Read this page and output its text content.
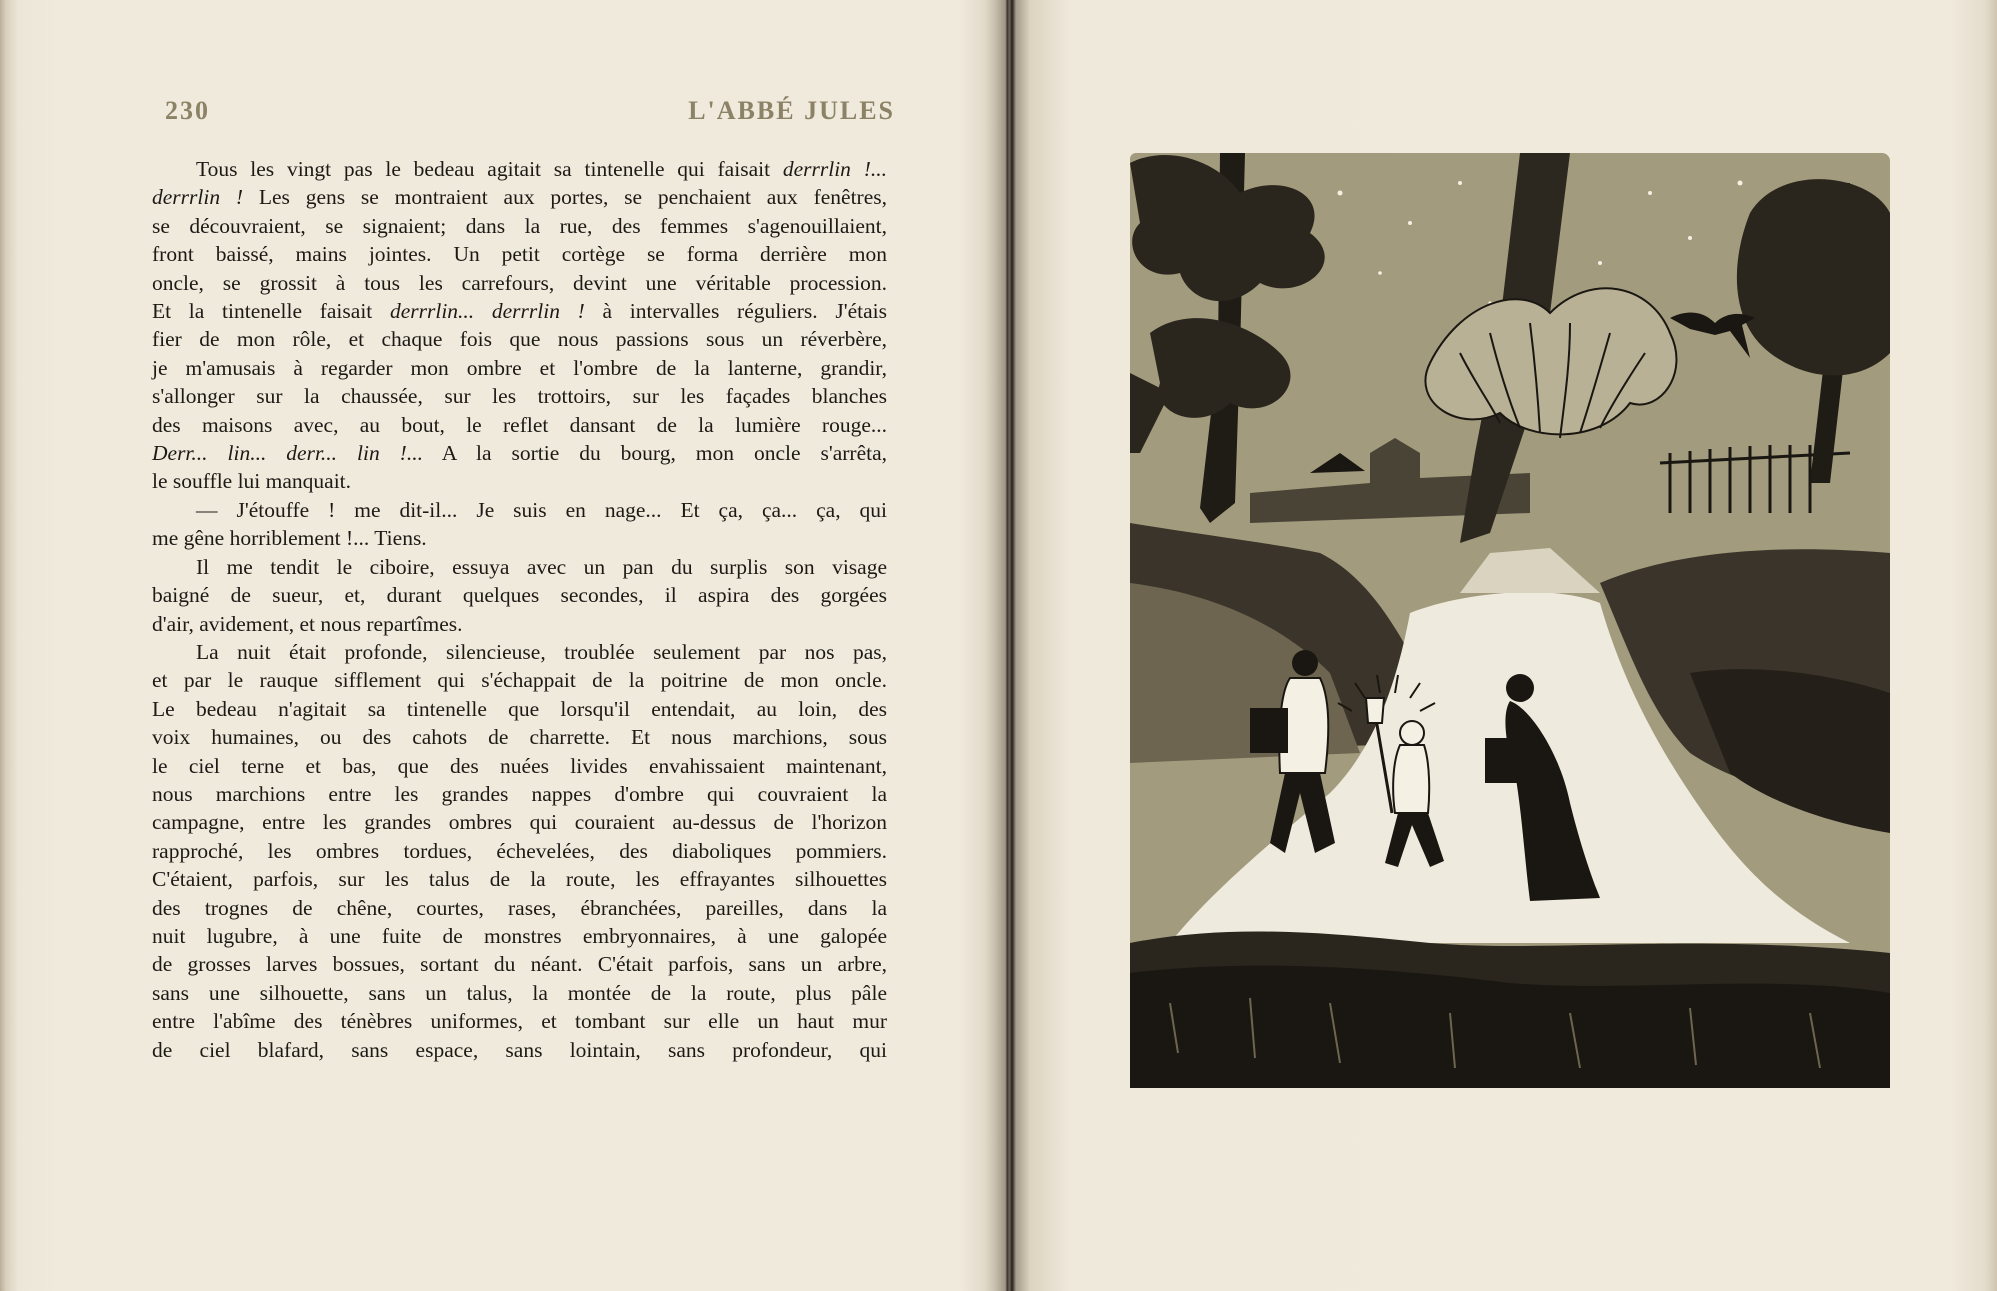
230	L'ABBÉ JULES

Tous les vingt pas le bedeau agitait sa tintenelle qui faisait derrrlin !...
derrrlin ! Les gens se montraient aux portes, se penchaient aux fenêtres,
se découvraient, se signaient; dans la rue, des femmes s'agenouillaient,
front baissé, mains jointes. Un petit cortège se forma derrière mon
oncle, se grossit à tous les carrefours, devint une véritable procession.
Et la tintenelle faisait derrrlin... derrrlin ! à intervalles réguliers. J'étais
fier de mon rôle, et chaque fois que nous passions sous un réverbère,
je m'amusais à regarder mon ombre et l'ombre de la lanterne, grandir,
s'allonger sur la chaussée, sur les trottoirs, sur les façades blanches
des maisons avec, au bout, le reflet dansant de la lumière rouge...
Derr... lin... derr... lin !... A la sortie du bourg, mon oncle s'arrêta,
le souffle lui manquait.

— J'étouffe ! me dit-il... Je suis en nage... Et ça, ça... ça, qui
me gêne horriblement !... Tiens.

Il me tendit le ciboire, essuya avec un pan du surplis son visage
baigné de sueur, et, durant quelques secondes, il aspira des gorgées
d'air, avidement, et nous repartîmes.

La nuit était profonde, silencieuse, troublée seulement par nos pas,
et par le rauque sifflement qui s'échappait de la poitrine de mon oncle.
Le bedeau n'agitait sa tintenelle que lorsqu'il entendait, au loin, des
voix humaines, ou des cahots de charrette. Et nous marchions, sous
le ciel terne et bas, que des nuées livides envahissaient maintenant,
nous marchions entre les grandes nappes d'ombre qui couvraient la
campagne, entre les grandes ombres qui couraient au-dessus de l'horizon
rapproché, les ombres tordues, échevelées, des diaboliques pommiers.
C'étaient, parfois, sur les talus de la route, les effrayantes silhouettes
des trognes de chêne, courtes, rases, ébranchées, pareilles, dans la
nuit lugubre, à une fuite de monstres embryonnaires, à une galopée
de grosses larves bossues, sortant du néant. C'était parfois, sans un arbre,
sans une silhouette, sans un talus, la montée de la route, plus pâle
entre l'abîme des ténèbres uniformes, et tombant sur elle un haut mur
de ciel blafard, sans espace, sans lointain, sans profondeur, qui
